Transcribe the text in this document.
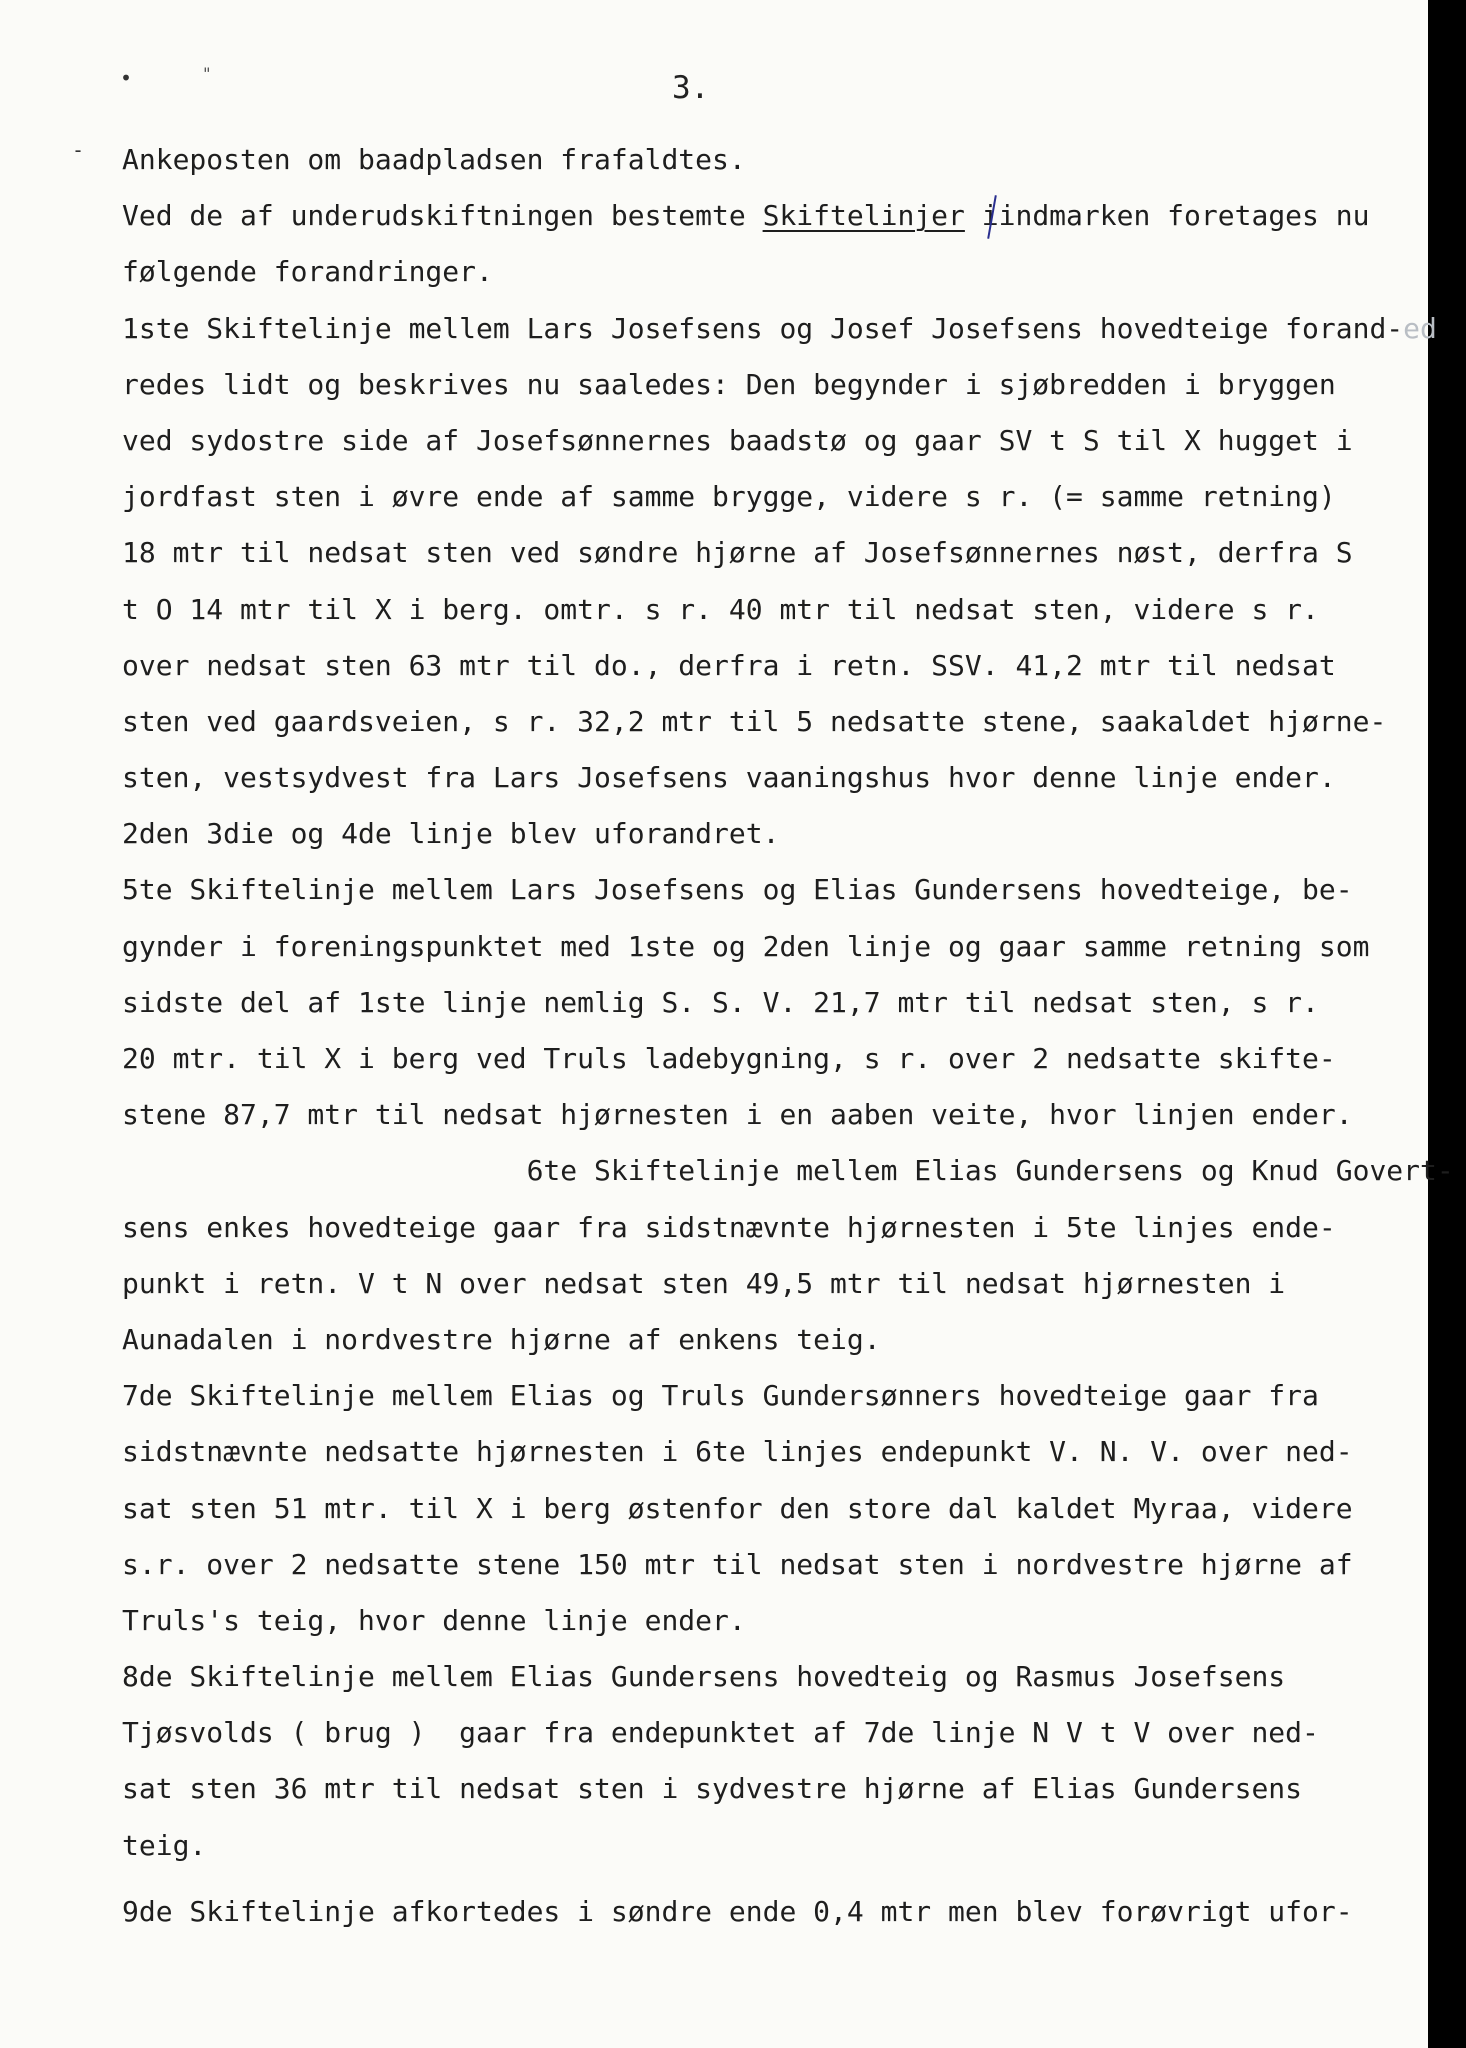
•	"
-
3.
Ankeposten om baadpladsen frafaldtes.
Ved de af underudskiftningen bestemte Skiftelinjer iindmarken foretages nu
følgende forandringer.
1ste Skiftelinje mellem Lars Josefsens og Josef Josefsens hovedteige forand-ed
redes lidt og beskrives nu saaledes: Den begynder i sjøbredden i bryggen
ved sydostre side af Josefsønnernes baadstø og gaar SV t S til X hugget i
jordfast sten i øvre ende af samme brygge, videre s r. (= samme retning)
18 mtr til nedsat sten ved søndre hjørne af Josefsønnernes nøst, derfra S
t O 14 mtr til X i berg. omtr. s r. 40 mtr til nedsat sten, videre s r.
over nedsat sten 63 mtr til do., derfra i retn. SSV. 41,2 mtr til nedsat
sten ved gaardsveien, s r. 32,2 mtr til 5 nedsatte stene, saakaldet hjørne-
sten, vestsydvest fra Lars Josefsens vaaningshus hvor denne linje ender.
2den 3die og 4de linje blev uforandret.
5te Skiftelinje mellem Lars Josefsens og Elias Gundersens hovedteige, be-
gynder i foreningspunktet med 1ste og 2den linje og gaar samme retning som
sidste del af 1ste linje nemlig S. S. V. 21,7 mtr til nedsat sten, s r.
20 mtr. til X i berg ved Truls ladebygning, s r. over 2 nedsatte skifte-
stene 87,7 mtr til nedsat hjørnesten i en aaben veite, hvor linjen ender.
6te Skiftelinje mellem Elias Gundersens og Knud Govert-
sens enkes hovedteige gaar fra sidstnævnte hjørnesten i 5te linjes ende-
punkt i retn. V t N over nedsat sten 49,5 mtr til nedsat hjørnesten i
Aunadalen i nordvestre hjørne af enkens teig.
7de Skiftelinje mellem Elias og Truls Gundersønners hovedteige gaar fra
sidstnævnte nedsatte hjørnesten i 6te linjes endepunkt V. N. V. over ned-
sat sten 51 mtr. til X i berg østenfor den store dal kaldet Myraa, videre
s.r. over 2 nedsatte stene 150 mtr til nedsat sten i nordvestre hjørne af
Truls's teig, hvor denne linje ender.
8de Skiftelinje mellem Elias Gundersens hovedteig og Rasmus Josefsens
Tjøsvolds ( brug )  gaar fra endepunktet af 7de linje N V t V over ned-
sat sten 36 mtr til nedsat sten i sydvestre hjørne af Elias Gundersens
teig.
9de Skiftelinje afkortedes i søndre ende 0,4 mtr men blev forøvrigt ufor-
